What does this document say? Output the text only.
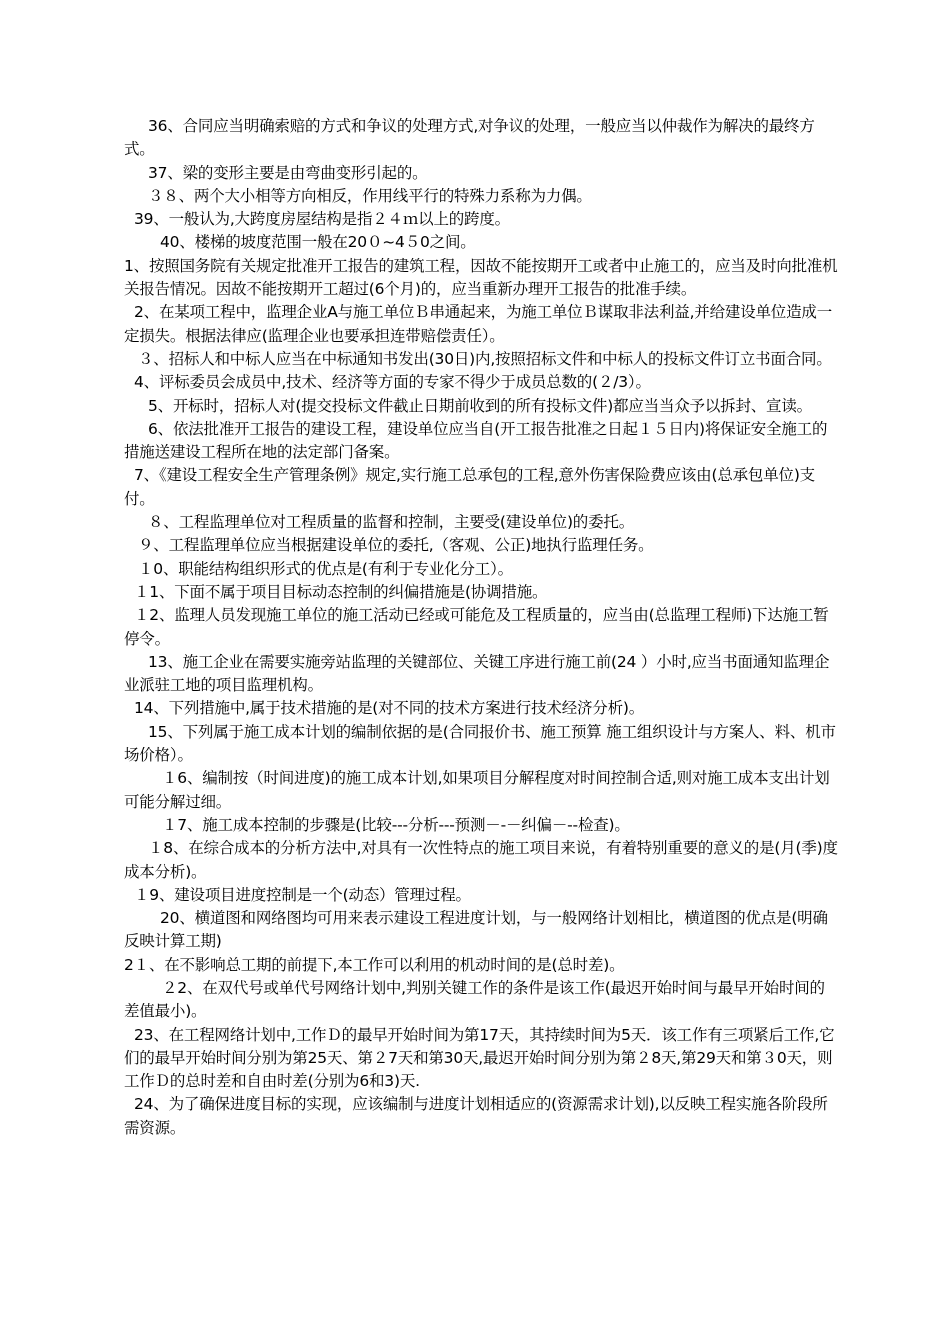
36、合同应当明确索赔的方式和争议的处理方式,对争议的处理，一般应当以仲裁作为解决的最终方式。

37、梁的变形主要是由弯曲变形引起的。

３８、两个大小相等方向相反，作用线平行的特殊力系称为力偶。

39、一般认为,大跨度房屋结构是指２４ｍ以上的跨度。

40、楼梯的坡度范围一般在20０~4５0之间。

1、按照国务院有关规定批准开工报告的建筑工程，因故不能按期开工或者中止施工的，应当及时向批准机关报告情况。因故不能按期开工超过(6个月)的，应当重新办理开工报告的批准手续。

2、在某项工程中，监理企业A与施工单位Ｂ串通起来，为施工单位Ｂ谋取非法利益,并给建设单位造成一定损失。根据法律应(监理企业也要承担连带赔偿责任）。

３、招标人和中标人应当在中标通知书发出(30日)内,按照招标文件和中标人的投标文件订立书面合同。

4、评标委员会成员中,技术、经济等方面的专家不得少于成员总数的(２/3）。

5、开标时，招标人对(提交投标文件截止日期前收到的所有投标文件)都应当当众予以拆封、宣读。

6、依法批准开工报告的建设工程，建设单位应当自(开工报告批准之日起１５日内)将保证安全施工的措施送建设工程所在地的法定部门备案。

7、《建设工程安全生产管理条例》规定,实行施工总承包的工程,意外伤害保险费应该由(总承包单位)支付。

８、工程监理单位对工程质量的监督和控制，主要受(建设单位)的委托。

９、工程监理单位应当根据建设单位的委托,（客观、公正)地执行监理任务。

１0、职能结构组织形式的优点是(有利于专业化分工）。

１1、下面不属于项目目标动态控制的纠偏措施是(协调措施。

１2、监理人员发现施工单位的施工活动已经或可能危及工程质量的，应当由(总监理工程师)下达施工暂停令。

13、施工企业在需要实施旁站监理的关键部位、关键工序进行施工前(24 ）小时,应当书面通知监理企业派驻工地的项目监理机构。

14、下列措施中,属于技术措施的是(对不同的技术方案进行技术经济分析)。

15、下列属于施工成本计划的编制依据的是(合同报价书、施工预算 施工组织设计与方案人、料、机市场价格）。

１6、编制按（时间进度)的施工成本计划,如果项目分解程度对时间控制合适,则对施工成本支出计划可能分解过细。

１7、施工成本控制的步骤是(比较---分析---预测－-－纠偏－--检查)。

１8、在综合成本的分析方法中,对具有一次性特点的施工项目来说，有着特别重要的意义的是(月(季)度成本分析)。

１9、建设项目进度控制是一个(动态）管理过程。

20、横道图和网络图均可用来表示建设工程进度计划，与一般网络计划相比，横道图的优点是(明确反映计算工期)

2１、在不影响总工期的前提下,本工作可以利用的机动时间的是(总时差)。

２2、在双代号或单代号网络计划中,判别关键工作的条件是该工作(最迟开始时间与最早开始时间的差值最小)。

23、在工程网络计划中,工作Ｄ的最早开始时间为第17天，其持续时间为5天．该工作有三项紧后工作,它们的最早开始时间分别为第25天、第２7天和第30天,最迟开始时间分别为第２8天,第29天和第３0天，则工作Ｄ的总时差和自由时差(分别为6和3)天.

24、为了确保进度目标的实现，应该编制与进度计划相适应的(资源需求计划),以反映工程实施各阶段所需资源。
